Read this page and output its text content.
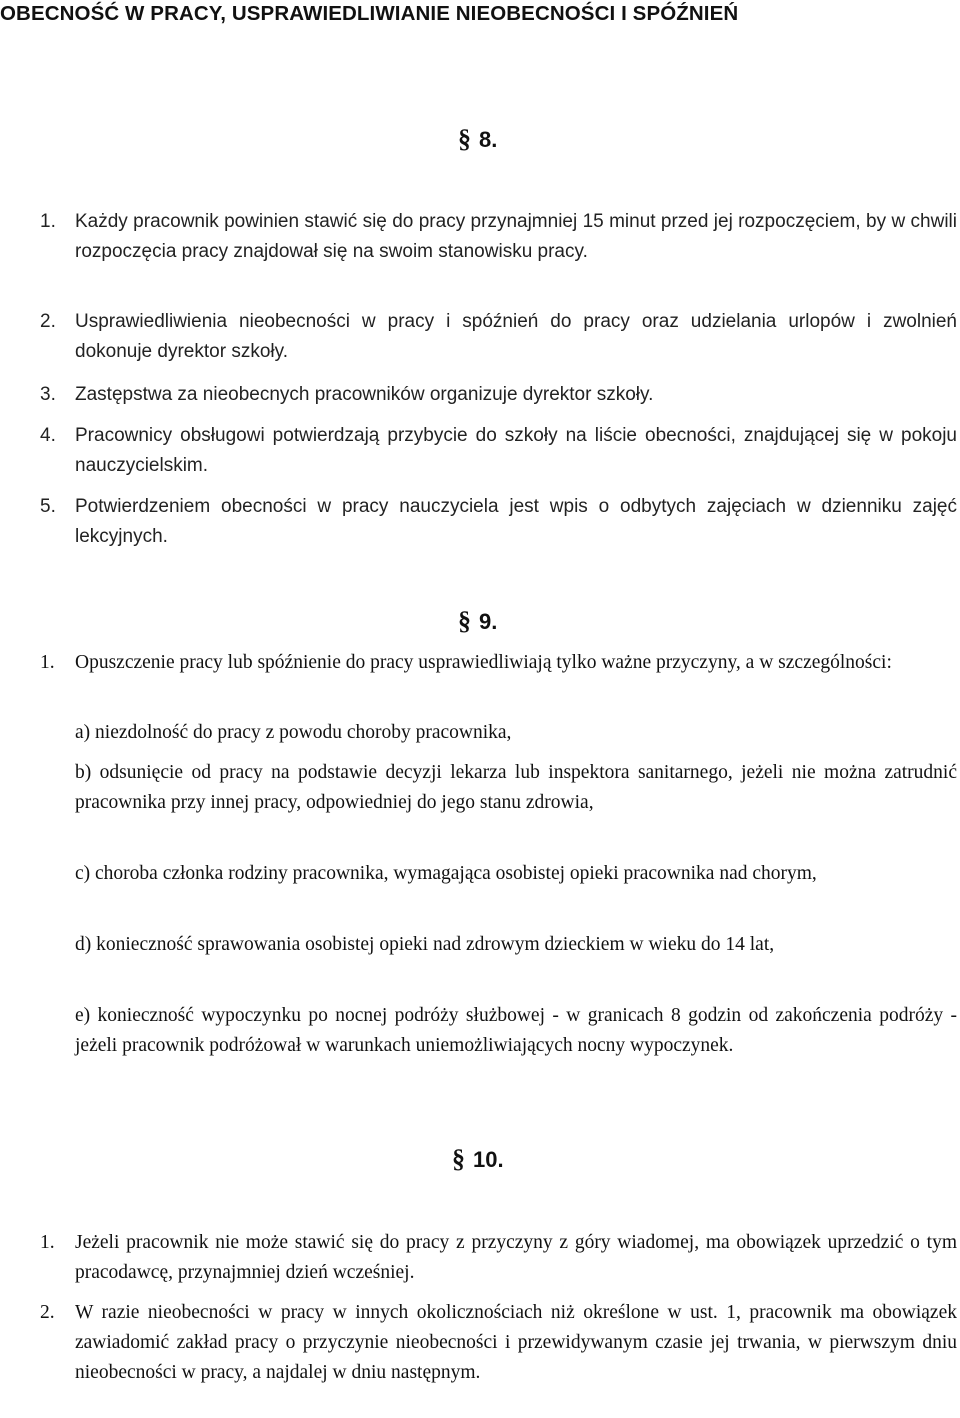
OBECNOŚĆ W PRACY, USPRAWIEDLIWIANIE NIEOBECNOŚCI I SPÓŹNIEŃ
§ 8.
1. Każdy pracownik powinien stawić się do pracy przynajmniej 15 minut przed jej rozpoczęciem, by w chwili rozpoczęcia pracy znajdował się na swoim stanowisku pracy.
2. Usprawiedliwienia nieobecności w pracy i spóźnień do pracy oraz udzielania urlopów i zwolnień dokonuje dyrektor szkoły.
3. Zastępstwa za nieobecnych pracowników organizuje dyrektor szkoły.
4. Pracownicy obsługowi potwierdzają przybycie do szkoły na liście obecności, znajdującej się w pokoju nauczycielskim.
5. Potwierdzeniem obecności w pracy nauczyciela jest wpis o odbytych zajęciach w dzienniku zajęć lekcyjnych.
§ 9.
1. Opuszczenie pracy lub spóźnienie do pracy usprawiedliwiają tylko ważne przyczyny, a w szczególności:
a) niezdolność do pracy z powodu choroby pracownika,
b) odsunięcie od pracy na podstawie decyzji lekarza lub inspektora sanitarnego, jeżeli nie można zatrudnić pracownika przy innej pracy, odpowiedniej do jego stanu zdrowia,
c) choroba członka rodziny pracownika, wymagająca osobistej opieki pracownika nad chorym,
d) konieczność sprawowania osobistej opieki nad zdrowym dzieckiem w wieku do 14 lat,
e) konieczność wypoczynku po nocnej podróży służbowej - w granicach 8 godzin od zakończenia podróży - jeżeli pracownik podróżował w warunkach uniemożliwiających nocny wypoczynek.
§ 10.
1. Jeżeli pracownik nie może stawić się do pracy z przyczyny z góry wiadomej, ma obowiązek uprzedzić o tym pracodawcę, przynajmniej dzień wcześniej.
2. W razie nieobecności w pracy w innych okolicznościach niż określone w ust. 1, pracownik ma obowiązek zawiadomić zakład pracy o przyczynie nieobecności i przewidywanym czasie jej trwania, w pierwszym dniu nieobecności w pracy, a najdalej w dniu następnym.
